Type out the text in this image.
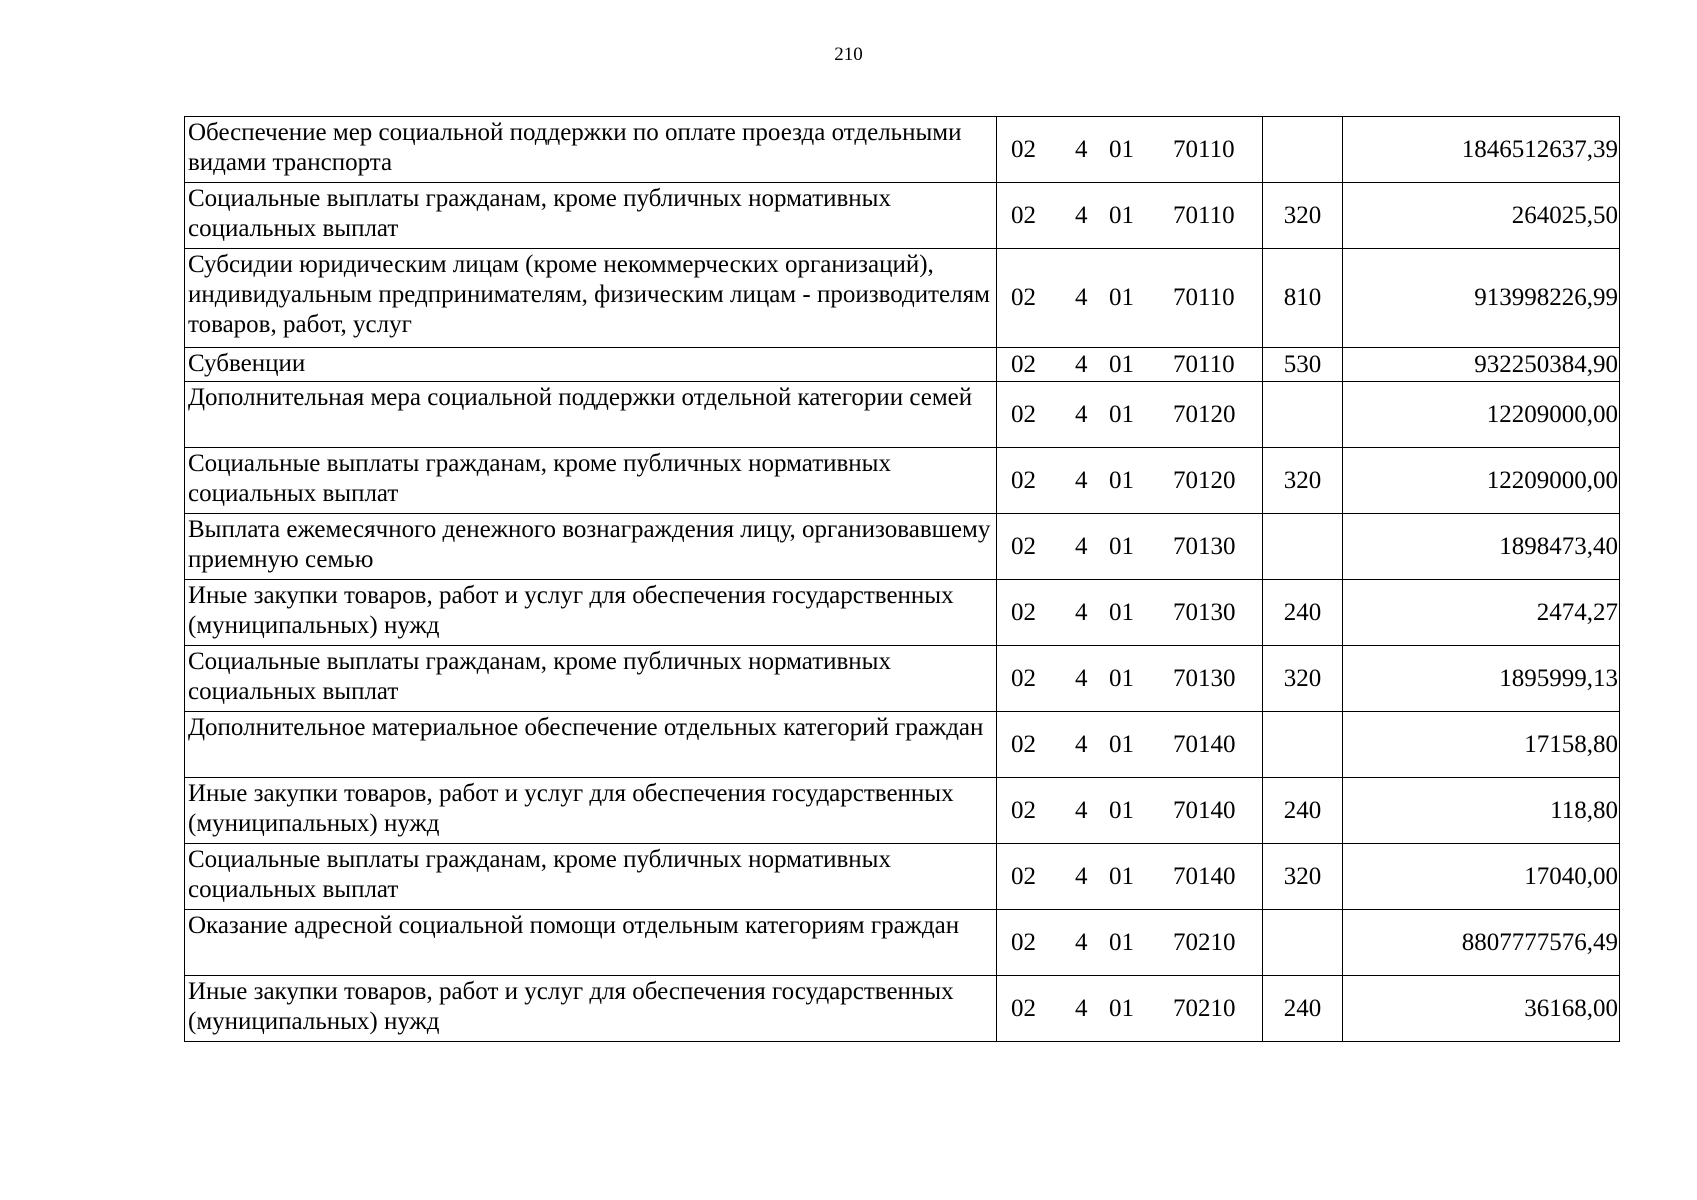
210
Обеспечение мер социальной поддержки по оплате проезда отдельными видами транспорта	02 4 01 70110		1846512637,39
Социальные выплаты гражданам, кроме публичных нормативных социальных выплат	02 4 01 70110	320	264025,50
Субсидии юридическим лицам (кроме некоммерческих организаций), индивидуальным предпринимателям, физическим лицам - производителям товаров, работ, услуг	02 4 01 70110	810	913998226,99
Субвенции	02 4 01 70110	530	932250384,90
Дополнительная мера социальной поддержки отдельной категории семей	02 4 01 70120		12209000,00
Социальные выплаты гражданам, кроме публичных нормативных социальных выплат	02 4 01 70120	320	12209000,00
Выплата ежемесячного денежного вознаграждения лицу, организовавшему приемную семью	02 4 01 70130		1898473,40
Иные закупки товаров, работ и услуг для обеспечения государственных (муниципальных) нужд	02 4 01 70130	240	2474,27
Социальные выплаты гражданам, кроме публичных нормативных социальных выплат	02 4 01 70130	320	1895999,13
Дополнительное материальное обеспечение отдельных категорий граждан	02 4 01 70140		17158,80
Иные закупки товаров, работ и услуг для обеспечения государственных (муниципальных) нужд	02 4 01 70140	240	118,80
Социальные выплаты гражданам, кроме публичных нормативных социальных выплат	02 4 01 70140	320	17040,00
Оказание адресной социальной помощи отдельным категориям граждан	02 4 01 70210		8807777576,49
Иные закупки товаров, работ и услуг для обеспечения государственных (муниципальных) нужд	02 4 01 70210	240	36168,00
